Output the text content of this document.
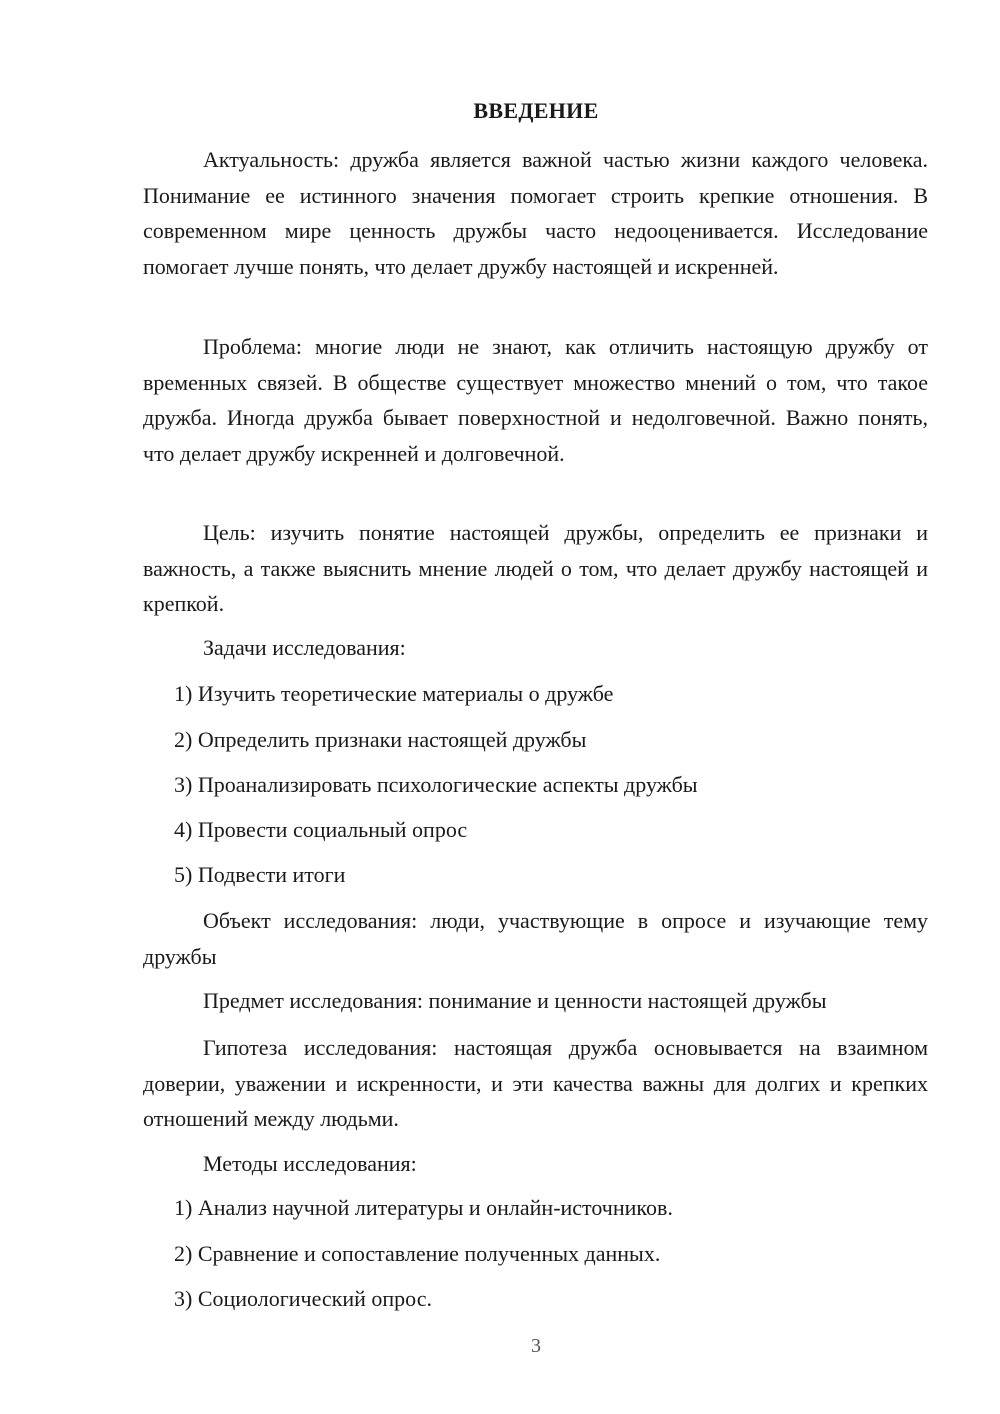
ВВЕДЕНИЕ

Актуальность: дружба является важной частью жизни каждого человека. Понимание ее истинного значения помогает строить крепкие отношения. В современном мире ценность дружбы часто недооценивается. Исследование помогает лучше понять, что делает дружбу настоящей и искренней.

Проблема: многие люди не знают, как отличить настоящую дружбу от временных связей. В обществе существует множество мнений о том, что такое дружба. Иногда дружба бывает поверхностной и недолговечной. Важно понять, что делает дружбу искренней и долговечной.

Цель: изучить понятие настоящей дружбы, определить ее признаки и важность, а также выяснить мнение людей о том, что делает дружбу настоящей и крепкой.

Задачи исследования:

1) Изучить теоретические материалы о дружбе

2) Определить признаки настоящей дружбы

3) Проанализировать психологические аспекты дружбы

4) Провести социальный опрос

5) Подвести итоги

Объект исследования: люди, участвующие в опросе и изучающие тему дружбы

Предмет исследования: понимание и ценности настоящей дружбы

Гипотеза исследования: настоящая дружба основывается на взаимном доверии, уважении и искренности, и эти качества важны для долгих и крепких отношений между людьми.

Методы исследования:

1) Анализ научной литературы и онлайн-источников.

2) Сравнение и сопоставление полученных данных.

3) Социологический опрос.

3
